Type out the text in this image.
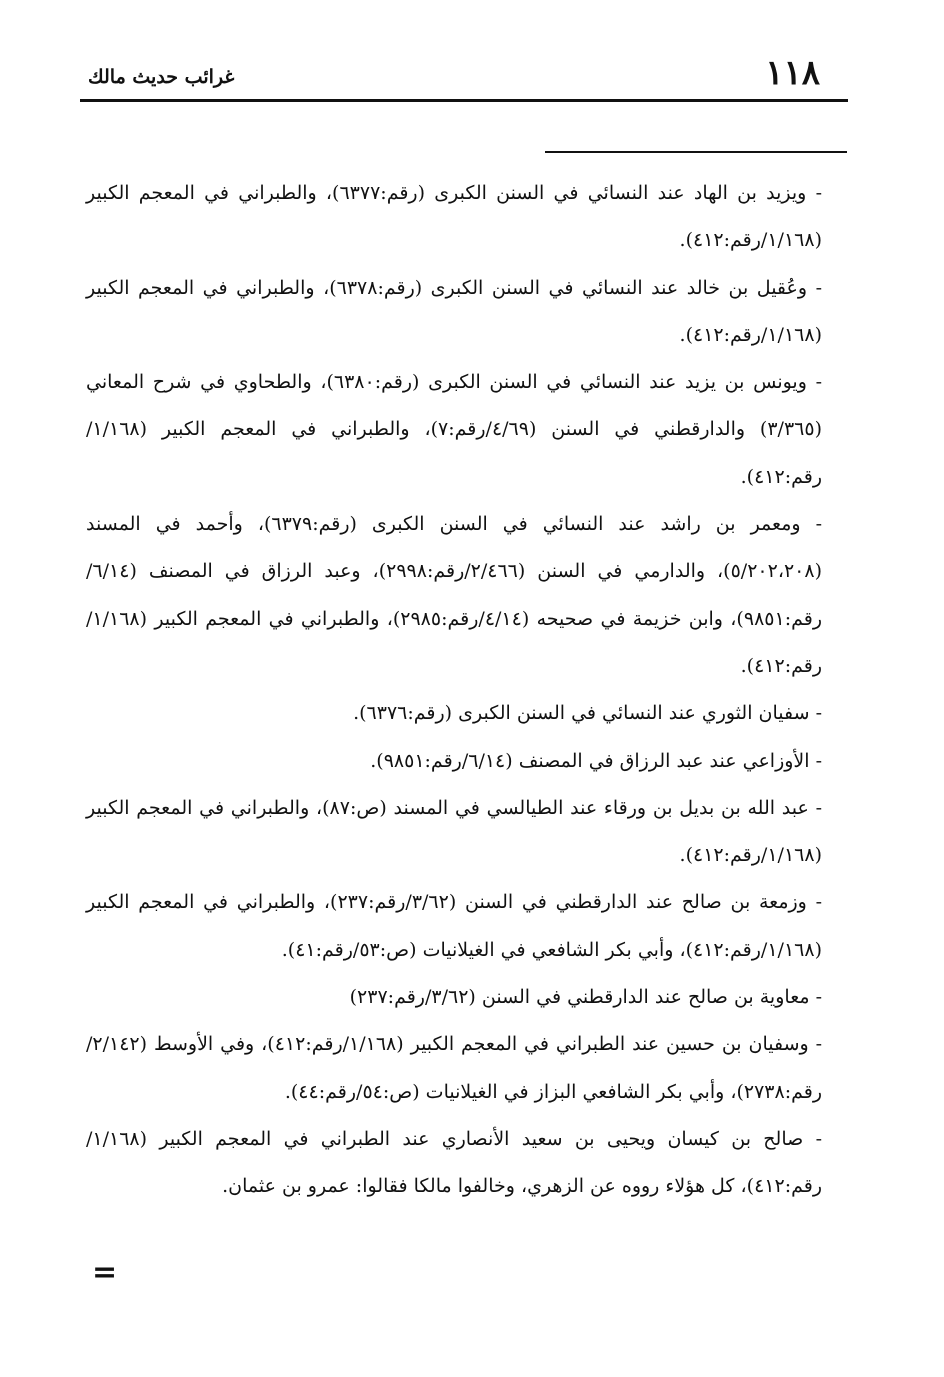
١١٨
غرائب حديث مالك

- ويزيد بن الهاد عند النسائي في السنن الكبرى (رقم:٦٣٧٧)، والطبراني في المعجم الكبير (١/١٦٨/رقم:٤١٢).

- وعُقيل بن خالد عند النسائي في السنن الكبرى (رقم:٦٣٧٨)، والطبراني في المعجم الكبير (١/١٦٨/رقم:٤١٢).

- ويونس بن يزيد عند النسائي في السنن الكبرى (رقم:٦٣٨٠)، والطحاوي في شرح المعاني (٣/٣٦٥) والدارقطني في السنن (٤/٦٩/رقم:٧)، والطبراني في المعجم الكبير (١/١٦٨/رقم:٤١٢).

- ومعمر بن راشد عند النسائي في السنن الكبرى (رقم:٦٣٧٩)، وأحمد في المسند (٥/٢٠٢،٢٠٨)، والدارمي في السنن (٢/٤٦٦/رقم:٢٩٩٨)، وعبد الرزاق في المصنف (٦/١٤/رقم:٩٨٥١)، وابن خزيمة في صحيحه (٤/١٤/رقم:٢٩٨٥)، والطبراني في المعجم الكبير (١/١٦٨/رقم:٤١٢).

- سفيان الثوري عند النسائي في السنن الكبرى (رقم:٦٣٧٦).

- الأوزاعي عند عبد الرزاق في المصنف (٦/١٤/رقم:٩٨٥١).

- عبد الله بن بديل بن ورقاء عند الطيالسي في المسند (ص:٨٧)، والطبراني في المعجم الكبير (١/١٦٨/رقم:٤١٢).

- وزمعة بن صالح عند الدارقطني في السنن (٣/٦٢/رقم:٢٣٧)، والطبراني في المعجم الكبير (١/١٦٨/رقم:٤١٢)، وأبي بكر الشافعي في الغيلانيات (ص:٥٣/رقم:٤١).

- معاوية بن صالح عند الدارقطني في السنن (٣/٦٢/رقم:٢٣٧)

- وسفيان بن حسين عند الطبراني في المعجم الكبير (١/١٦٨/رقم:٤١٢)، وفي الأوسط (٢/١٤٢/رقم:٢٧٣٨)، وأبي بكر الشافعي البزاز في الغيلانيات (ص:٥٤/رقم:٤٤).

- صالح بن كيسان ويحيى بن سعيد الأنصاري عند الطبراني في المعجم الكبير (١/١٦٨/رقم:٤١٢)، كل هؤلاء رووه عن الزهري، وخالفوا مالكا فقالوا: عمرو بن عثمان.

=
